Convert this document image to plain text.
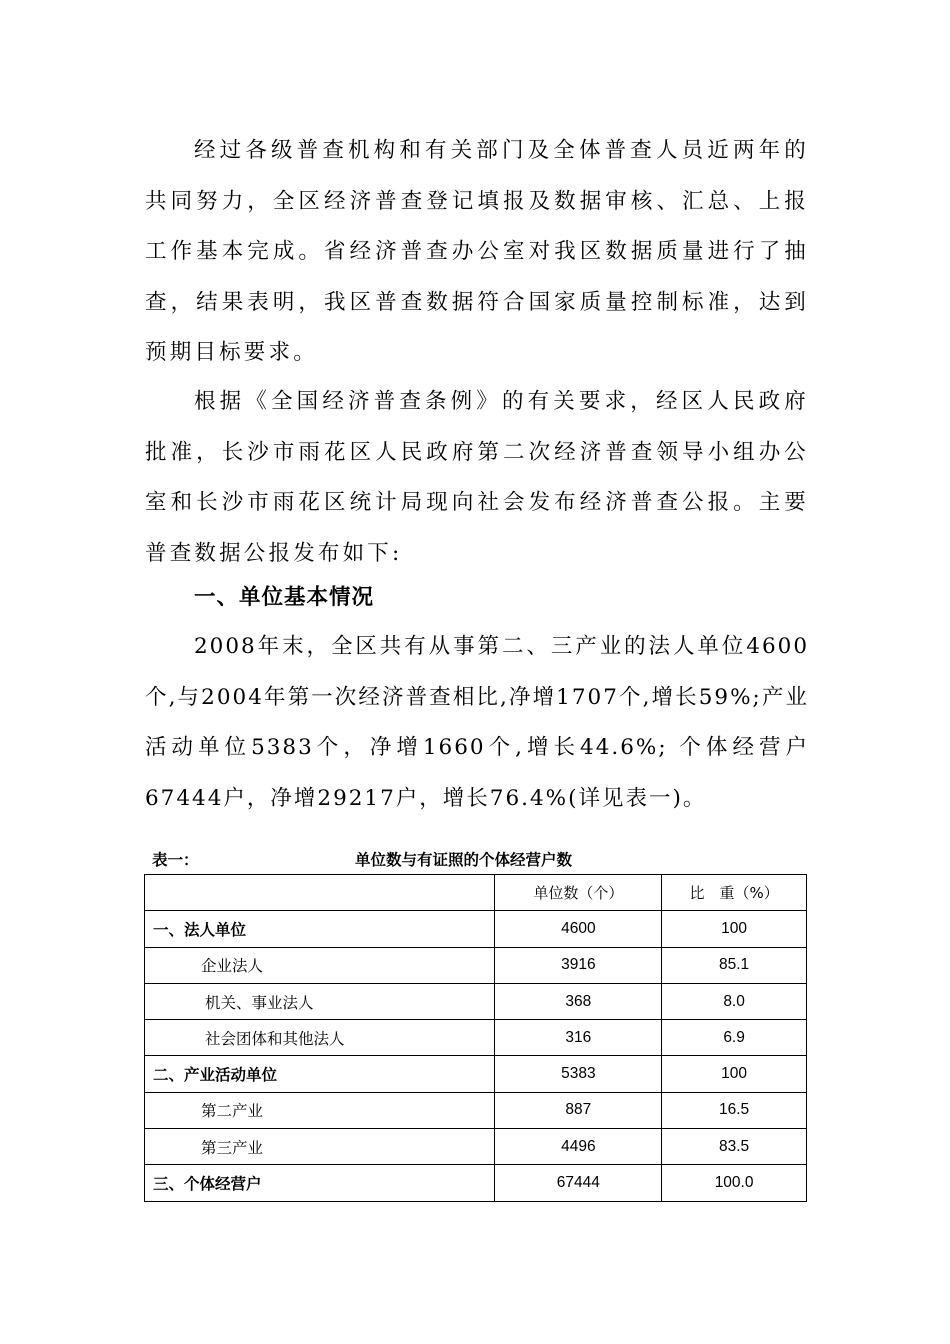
经过各级普查机构和有关部门及全体普查人员近两年的共同努力，全区经济普查登记填报及数据审核、汇总、上报工作基本完成。省经济普查办公室对我区数据质量进行了抽查，结果表明，我区普查数据符合国家质量控制标准，达到预期目标要求。

根据《全国经济普查条例》的有关要求，经区人民政府批准，长沙市雨花区人民政府第二次经济普查领导小组办公室和长沙市雨花区统计局现向社会发布经济普查公报。主要普查数据公报发布如下:

一、单位基本情况

2008年末，全区共有从事第二、三产业的法人单位4600个,与2004年第一次经济普查相比,净增1707个,增长59%;产业活动单位5383个，净增1660个,增长44.6%; 个体经营户67444户，净增29217户，增长76.4%(详见表一)。

表一：	单位数与有证照的个体经营户数
	单位数（个）	比　重（%）
一、法人单位	4600	100
企业法人	3916	85.1
机关、事业法人	368	8.0
社会团体和其他法人	316	6.9
二、产业活动单位	5383	100
第二产业	887	16.5
第三产业	4496	83.5
三、个体经营户	67444	100.0
